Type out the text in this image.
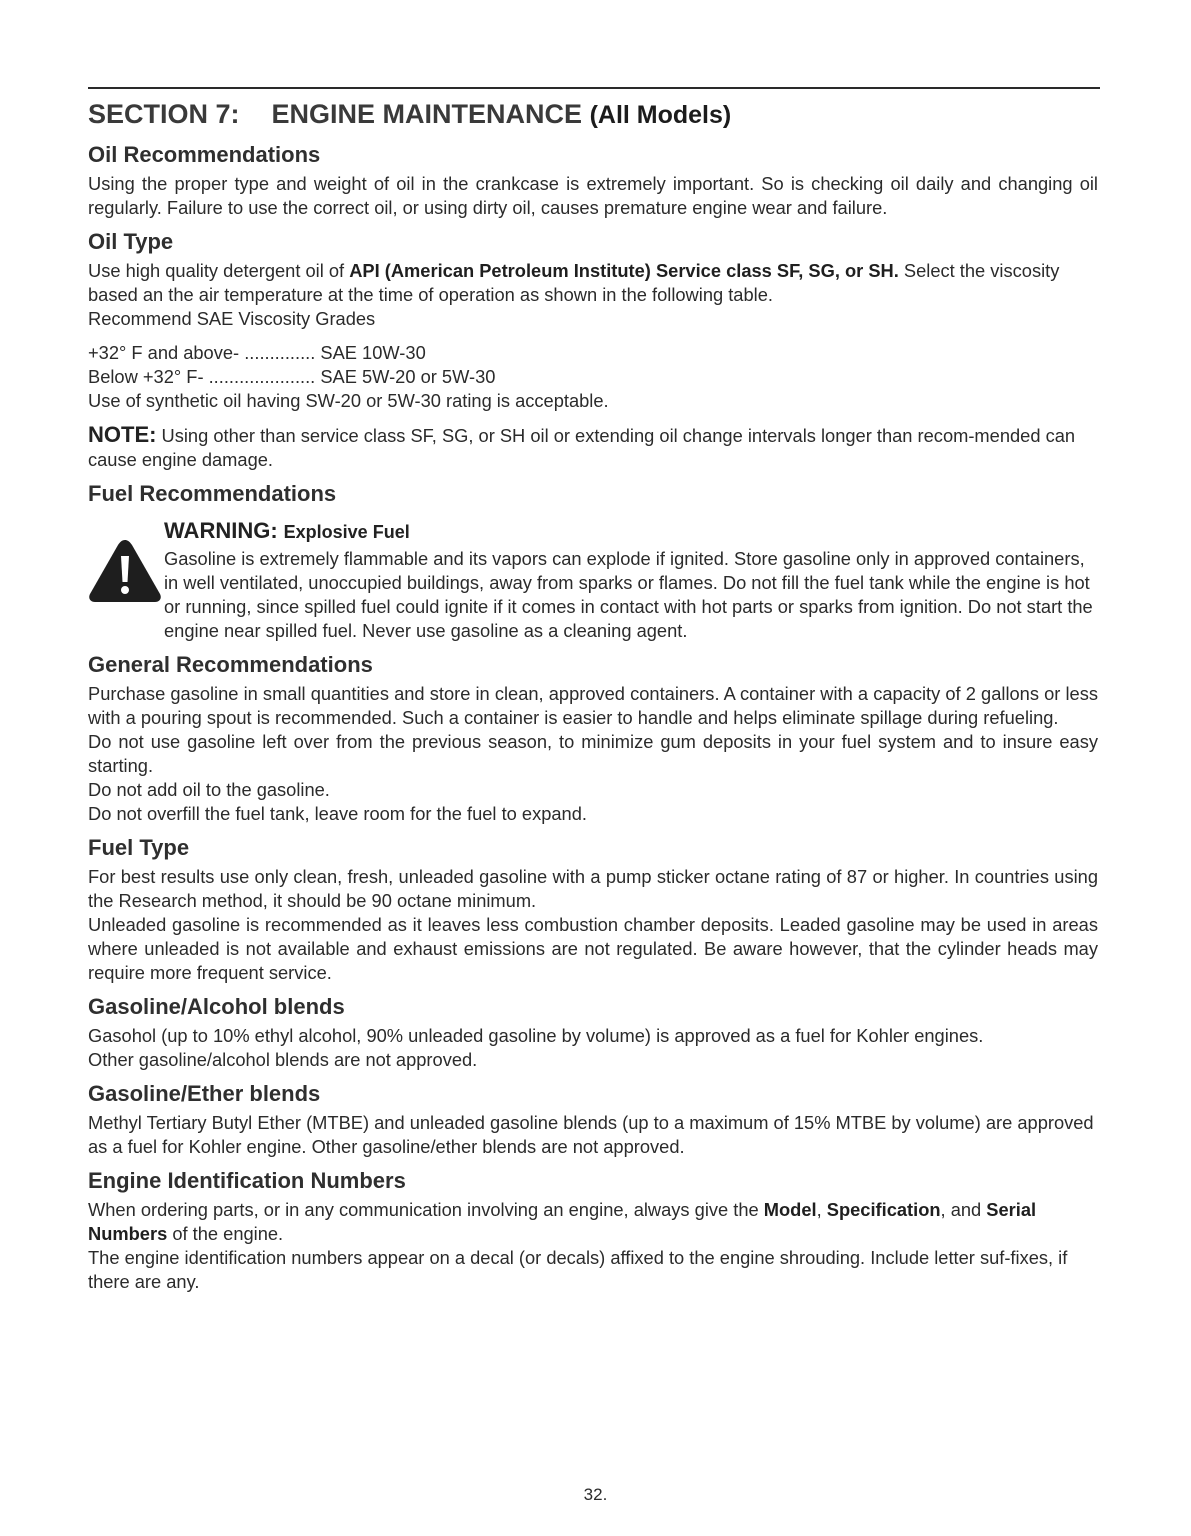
SECTION 7: ENGINE MAINTENANCE (All Models)
Oil Recommendations

Using the proper type and weight of oil in the crankcase is extremely important. So is checking oil daily and changing oil regularly. Failure to use the correct oil, or using dirty oil, causes premature engine wear and failure.

Oil Type

Use high quality detergent oil of API (American Petroleum Institute) Service class SF, SG, or SH. Select the viscosity based an the air temperature at the time of operation as shown in the following table.

Recommend SAE Viscosity Grades

+32° F and above- .............. SAE 10W-30

Below +32° F- ..................... SAE 5W-20 or 5W-30

Use of synthetic oil having SW-20 or 5W-30 rating is acceptable.

NOTE: Using other than service class SF, SG, or SH oil or extending oil change intervals longer than recom-mended can cause engine damage.

Fuel Recommendations
WARNING: Explosive Fuel

Gasoline is extremely flammable and its vapors can explode if ignited. Store gasoline only in approved containers, in well ventilated, unoccupied buildings, away from sparks or flames. Do not fill the fuel tank while the engine is hot or running, since spilled fuel could ignite if it comes in contact with hot parts or sparks from ignition. Do not start the engine near spilled fuel. Never use gasoline as a cleaning agent.

General Recommendations

Purchase gasoline in small quantities and store in clean, approved containers. A container with a capacity of 2 gallons or less with a pouring spout is recommended. Such a container is easier to handle and helps eliminate spillage during refueling.

Do not use gasoline left over from the previous season, to minimize gum deposits in your fuel system and to insure easy starting.

Do not add oil to the gasoline.

Do not overfill the fuel tank, leave room for the fuel to expand.

Fuel Type

For best results use only clean, fresh, unleaded gasoline with a pump sticker octane rating of 87 or higher. In countries using the Research method, it should be 90 octane minimum.

Unleaded gasoline is recommended as it leaves less combustion chamber deposits. Leaded gasoline may be used in areas where unleaded is not available and exhaust emissions are not regulated. Be aware however, that the cylinder heads may require more frequent service.

Gasoline/Alcohol blends

Gasohol (up to 10% ethyl alcohol, 90% unleaded gasoline by volume) is approved as a fuel for Kohler engines.

Other gasoline/alcohol blends are not approved.

Gasoline/Ether blends

Methyl Tertiary Butyl Ether (MTBE) and unleaded gasoline blends (up to a maximum of 15% MTBE by volume) are approved as a fuel for Kohler engine. Other gasoline/ether blends are not approved.

Engine Identification Numbers

When ordering parts, or in any communication involving an engine, always give the Model, Specification, and Serial Numbers of the engine.

The engine identification numbers appear on a decal (or decals) affixed to the engine shrouding. Include letter suf-fixes, if there are any.

32.
